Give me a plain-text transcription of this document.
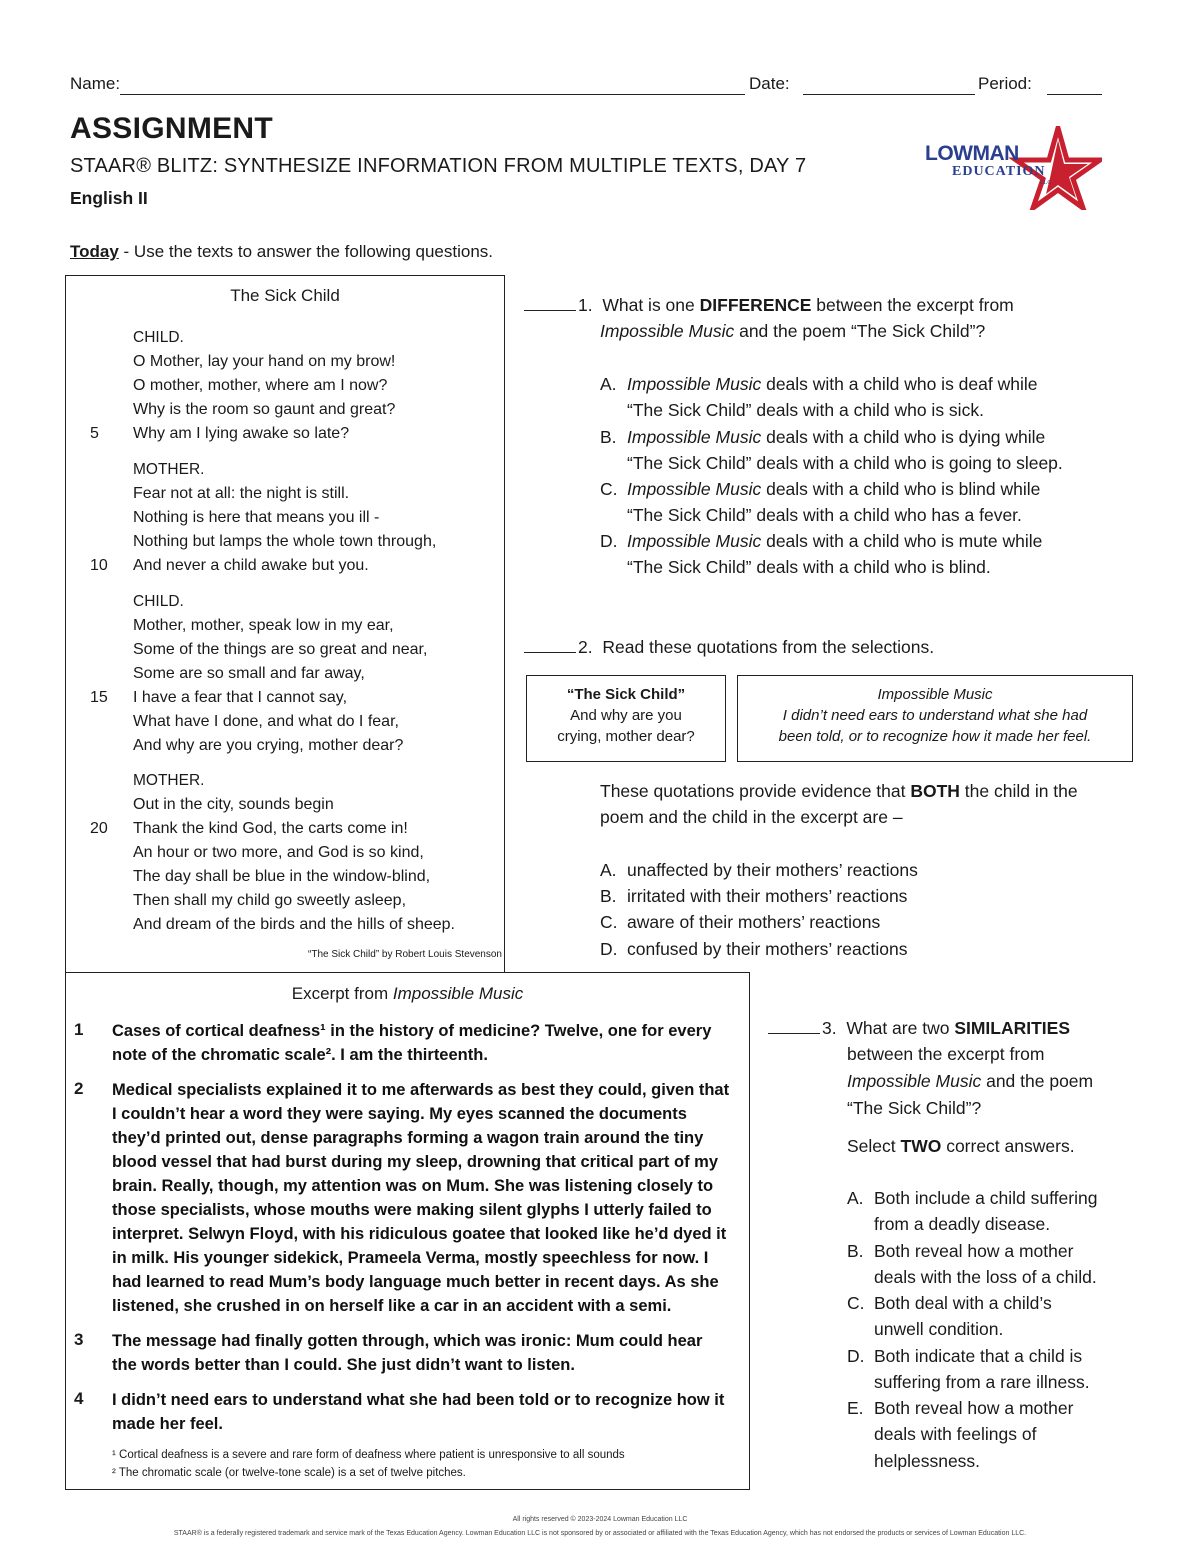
Name:	Date:	Period:
ASSIGNMENT
STAAR® BLITZ: SYNTHESIZE INFORMATION FROM MULTIPLE TEXTS, DAY 7
English II
LOWMAN
EDUCATION
LLC
Today - Use the texts to answer the following questions.
The Sick Child
CHILD.
O Mother, lay your hand on my brow!
O mother, mother, where am I now?
Why is the room so gaunt and great?
5 Why am I lying awake so late?
MOTHER.
Fear not at all: the night is still.
Nothing is here that means you ill -
Nothing but lamps the whole town through,
10 And never a child awake but you.
CHILD.
Mother, mother, speak low in my ear,
Some of the things are so great and near,
Some are so small and far away,
15 I have a fear that I cannot say,
What have I done, and what do I fear,
And why are you crying, mother dear?
MOTHER.
Out in the city, sounds begin
20 Thank the kind God, the carts come in!
An hour or two more, and God is so kind,
The day shall be blue in the window-blind,
Then shall my child go sweetly asleep,
And dream of the birds and the hills of sheep.
“The Sick Child” by Robert Louis Stevenson
Excerpt from Impossible Music
1 Cases of cortical deafness¹ in the history of medicine? Twelve, one for every
note of the chromatic scale². I am the thirteenth.
2 Medical specialists explained it to me afterwards as best they could, given that
I couldn’t hear a word they were saying. My eyes scanned the documents
they’d printed out, dense paragraphs forming a wagon train around the tiny
blood vessel that had burst during my sleep, drowning that critical part of my
brain. Really, though, my attention was on Mum. She was listening closely to
those specialists, whose mouths were making silent glyphs I utterly failed to
interpret. Selwyn Floyd, with his ridiculous goatee that looked like he’d dyed it
in milk. His younger sidekick, Prameela Verma, mostly speechless for now. I
had learned to read Mum’s body language much better in recent days. As she
listened, she crushed in on herself like a car in an accident with a semi.
3 The message had finally gotten through, which was ironic: Mum could hear
the words better than I could. She just didn’t want to listen.
4 I didn’t need ears to understand what she had been told or to recognize how it
made her feel.
¹ Cortical deafness is a severe and rare form of deafness where patient is unresponsive to all sounds
² The chromatic scale (or twelve-tone scale) is a set of twelve pitches.
1. What is one DIFFERENCE between the excerpt from
Impossible Music and the poem “The Sick Child”?
A. Impossible Music deals with a child who is deaf while
“The Sick Child” deals with a child who is sick.
B. Impossible Music deals with a child who is dying while
“The Sick Child” deals with a child who is going to sleep.
C. Impossible Music deals with a child who is blind while
“The Sick Child” deals with a child who has a fever.
D. Impossible Music deals with a child who is mute while
“The Sick Child” deals with a child who is blind.
2. Read these quotations from the selections.
“The Sick Child”
And why are you
crying, mother dear?
Impossible Music
I didn’t need ears to understand what she had
been told, or to recognize how it made her feel.
These quotations provide evidence that BOTH the child in the
poem and the child in the excerpt are –
A. unaffected by their mothers’ reactions
B. irritated with their mothers’ reactions
C. aware of their mothers’ reactions
D. confused by their mothers’ reactions
3. What are two SIMILARITIES
between the excerpt from
Impossible Music and the poem
“The Sick Child”?
Select TWO correct answers.
A. Both include a child suffering
from a deadly disease.
B. Both reveal how a mother
deals with the loss of a child.
C. Both deal with a child’s
unwell condition.
D. Both indicate that a child is
suffering from a rare illness.
E. Both reveal how a mother
deals with feelings of
helplessness.
All rights reserved © 2023-2024 Lowman Education LLC
STAAR® is a federally registered trademark and service mark of the Texas Education Agency. Lowman Education LLC is not sponsored by or associated or affiliated with the Texas Education Agency, which has not endorsed the products or services of Lowman Education LLC.
